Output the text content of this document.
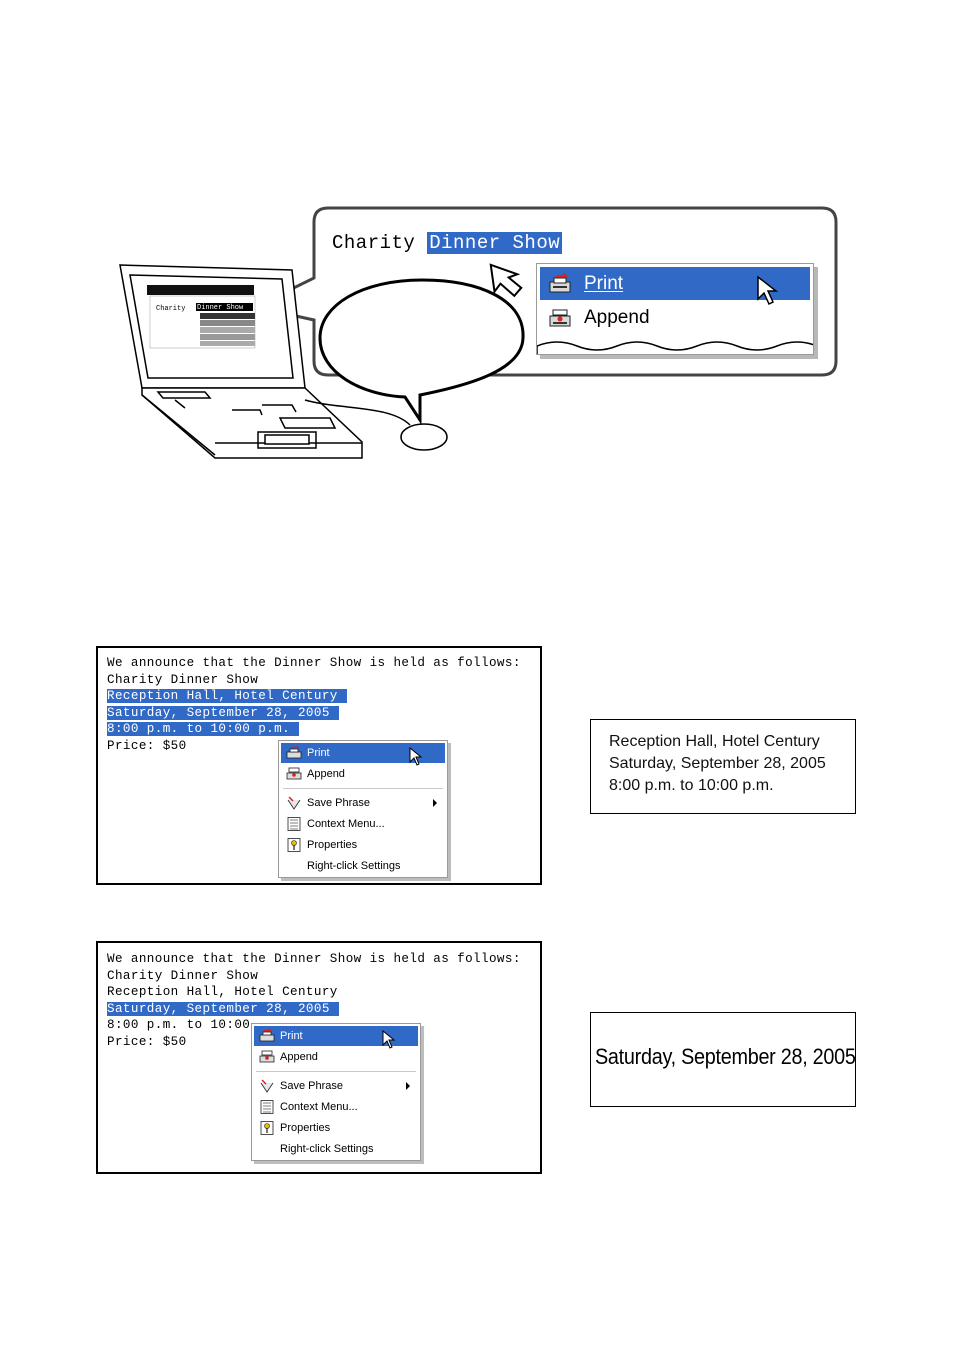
Charity Dinner Show
Charity Dinner Show
Print
Append
We announce that the Dinner Show is held as follows:
Charity Dinner Show
Reception Hall, Hotel Century
Saturday, September 28, 2005
8:00 p.m. to 10:00 p.m.
Price: $50
Print
Append
Save Phrase
Context Menu...
Properties
Right-click Settings
Reception Hall, Hotel Century
Saturday, September 28, 2005
8:00 p.m. to 10:00 p.m.
We announce that the Dinner Show is held as follows:
Charity Dinner Show
Reception Hall, Hotel Century
Saturday, September 28, 2005
8:00 p.m. to 10:00
Price: $50	Print
Append
Save Phrase
Context Menu...
Properties
Right-click Settings
Saturday, September 28, 2005
